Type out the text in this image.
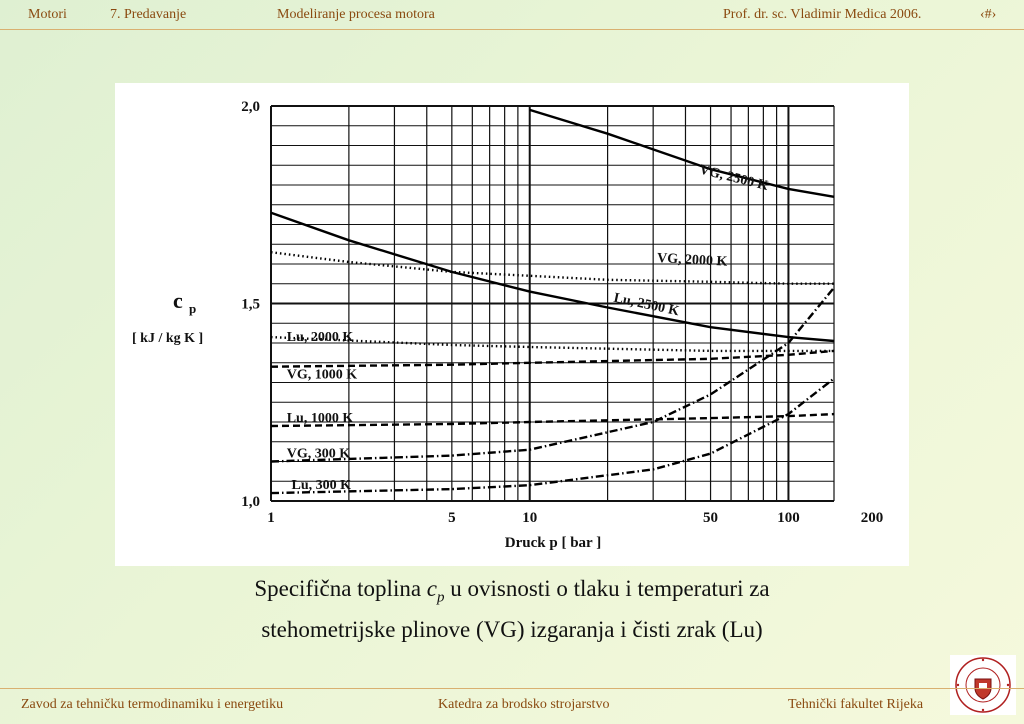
Motori	7. Predavanje	Modeliranje procesa motora	Prof. dr. sc. Vladimir Medica 2006.	‹#›
VG, 2500 K
VG, 2000 K
Lu, 2500 K
Lu, 2000 K
VG, 1000 K
Lu, 1000 K
VG, 300 K
Lu, 300 K
1	5	10	50	100	200
2,0
1,5
1,0
Druck p [ bar ]
c p
[ kJ / kg K ]
Specifična toplina $c_p$ u ovisnosti o tlaku i temperaturi za
stehometrijske plinove (VG) izgaranja i čisti zrak (Lu)
Zavod za tehničku termodinamiku i energetiku	Katedra za brodsko strojarstvo	Tehnički fakultet Rijeka
